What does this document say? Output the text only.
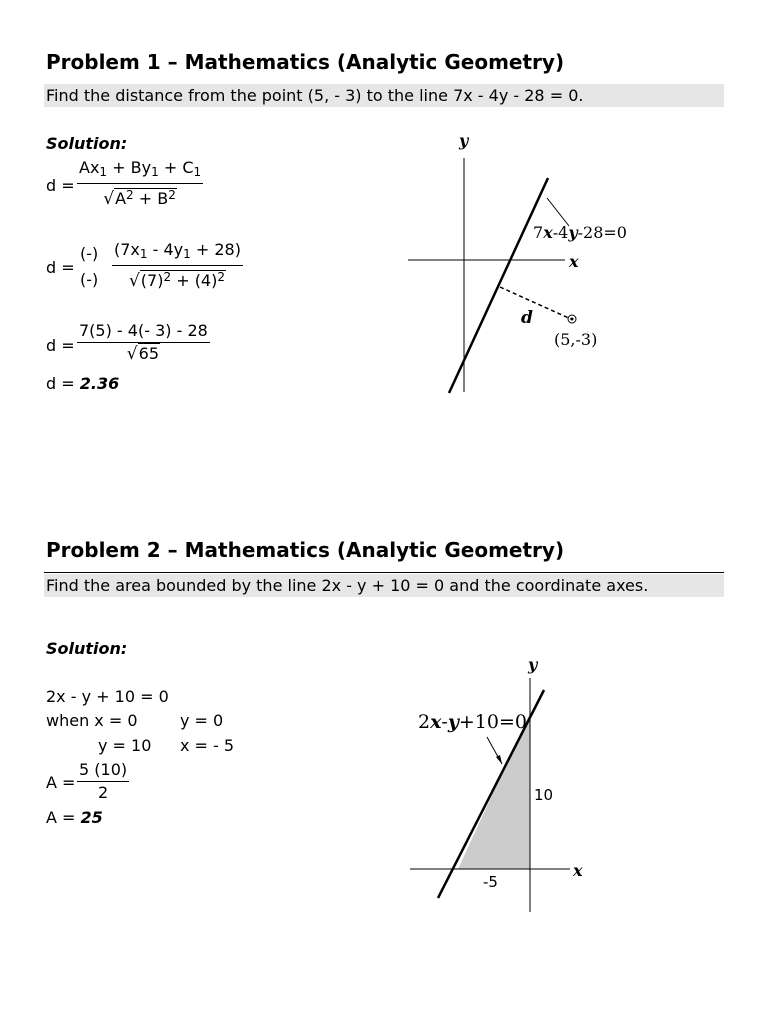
Problem 1 – Mathematics (Analytic Geometry)
Find the distance from the point (5, - 3) to the line 7x - 4y - 28 = 0.
Solution:
$d = \frac{Ax_1 + By_1 + C_1}{√A^2 + B^2}$
d =
(-)
(-) $\frac{(7x_1 - 4y_1 + 28)}{√(7)^2 + (4)^2}$
$d = \frac{7(5) - 4(- 3) - 28}{√65}$
d = 2.36
y
x
7x-4y-28=0
d
(5,-3)
Problem 2 – Mathematics (Analytic Geometry)
Find the area bounded by the line 2x - y + 10 = 0 and the coordinate axes.
Solution:
2x - y + 10 = 0
when x = 0	y = 0
y = 10 x = - 5
$A = \frac{5 (10)}{2}$
A = 25
y
x
2x-y+10=0
10
-5
